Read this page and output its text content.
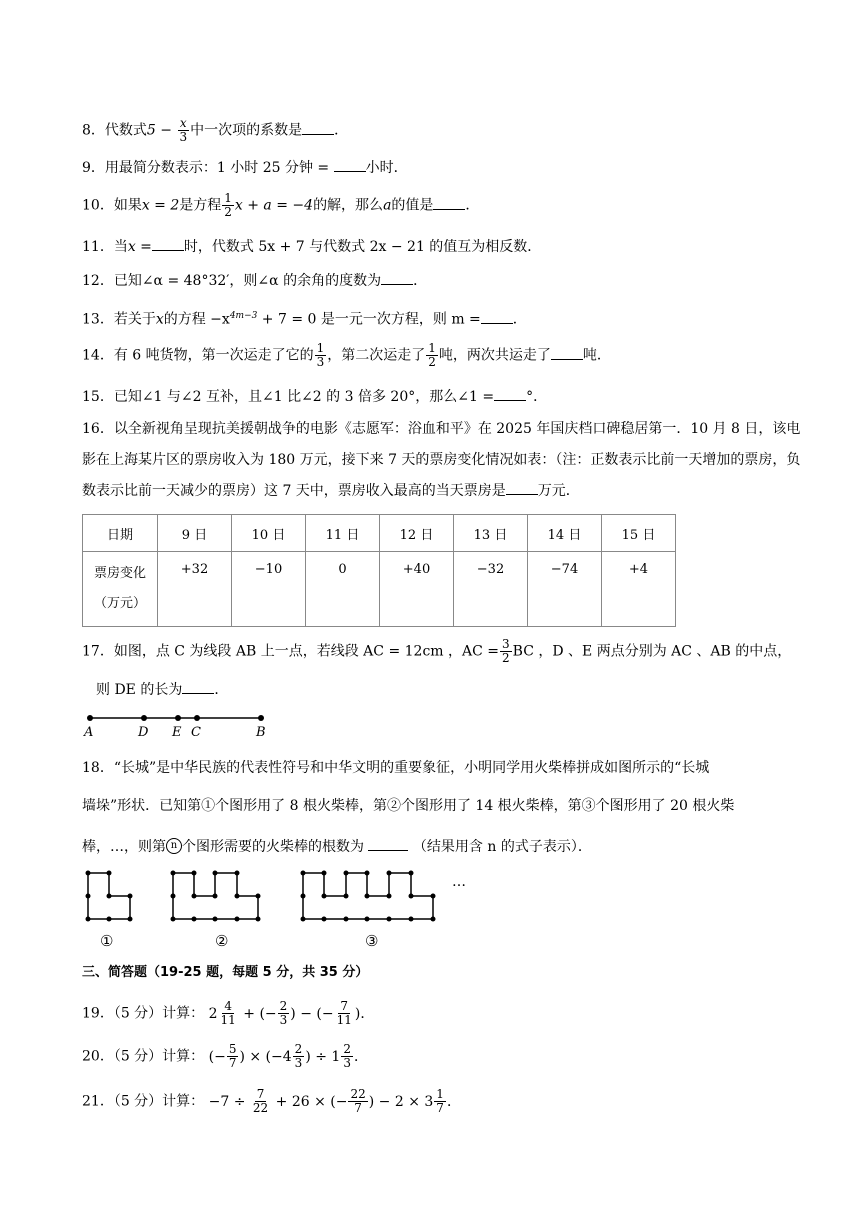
8．代数式$5 - \frac{x}{3}$ 中一次项的系数是 ．
9．用最简分数表示：1 小时 25 分钟 = 小时．
10．如果x = 2是方程 $\frac{1}{2}$ x + a = −4的解，那么a的值是 ．
11．当x = 时，代数式 5x + 7 与代数式 2x − 21 的值互为相反数．
12．已知∠α = 48°32′，则∠α 的余角的度数为 ．
13．若关于x的方程 $-x^{4m-3} + 7 = 0$ 是一元一次方程，则 m = ．
14．有 6 吨货物，第一次运走了它的 $\frac{1}{3}$ ，第二次运走了 $\frac{1}{2}$ 吨，两次共运走了 吨．
15．已知∠1 与∠2 互补，且∠1 比∠2 的 3 倍多 20°，那么∠1 = °．
16．以全新视角呈现抗美援朝战争的电影《志愿军：浴血和平》在 2025 年国庆档口碑稳居第一．10 月 8 日，该电影在上海某片区的票房收入为 180 万元，接下来 7 天的票房变化情况如表：（注：正数表示比前一天增加的票房，负数表示比前一天减少的票房）这 7 天中，票房收入最高的当天票房是 万元．
日期	9 日	10 日	11 日	12 日	13 日	14 日	15 日

票房变化
（万元）	+32	−10	0	+40	−32	−74	+4
17．如图，点 C 为线段 AB 上一点，若线段 AC = 12cm ，AC = $\frac{3}{2}$ BC ，D 、E 两点分别为 AC 、AB 的中点，
则 DE 的长为 ．
A	D E C	B
18．“长城”是中华民族的代表性符号和中华文明的重要象征，小明同学用火柴棒拼成如图所示的“长城
墙垛”形状．已知第①个图形用了 8 根火柴棒，第②个图形用了 14 根火柴棒，第③个图形用了 20 根火柴
棒，…，则第 n 个图形需要的火柴棒的根数为	（结果用含 n 的式子表示）．
…
①	②	③
三、简答题（19-25 题，每题 5 分，共 35 分）
19．（5 分）计算： $2 \frac{4}{11}$ + (− $\frac{2}{3}$ ) − (− $\frac{7}{11}$ )．
20．（5 分）计算： (− $\frac{5}{7}$ ) × ($-4 \frac{2}{3}$ ) ÷ $1 \frac{2}{3}$ ．
21．（5 分）计算： $-7 \div \frac{7}{22} + 26$ × (− $\frac{22}{7}$ ) − $2 \times 3 \frac{1}{7}$ ．
